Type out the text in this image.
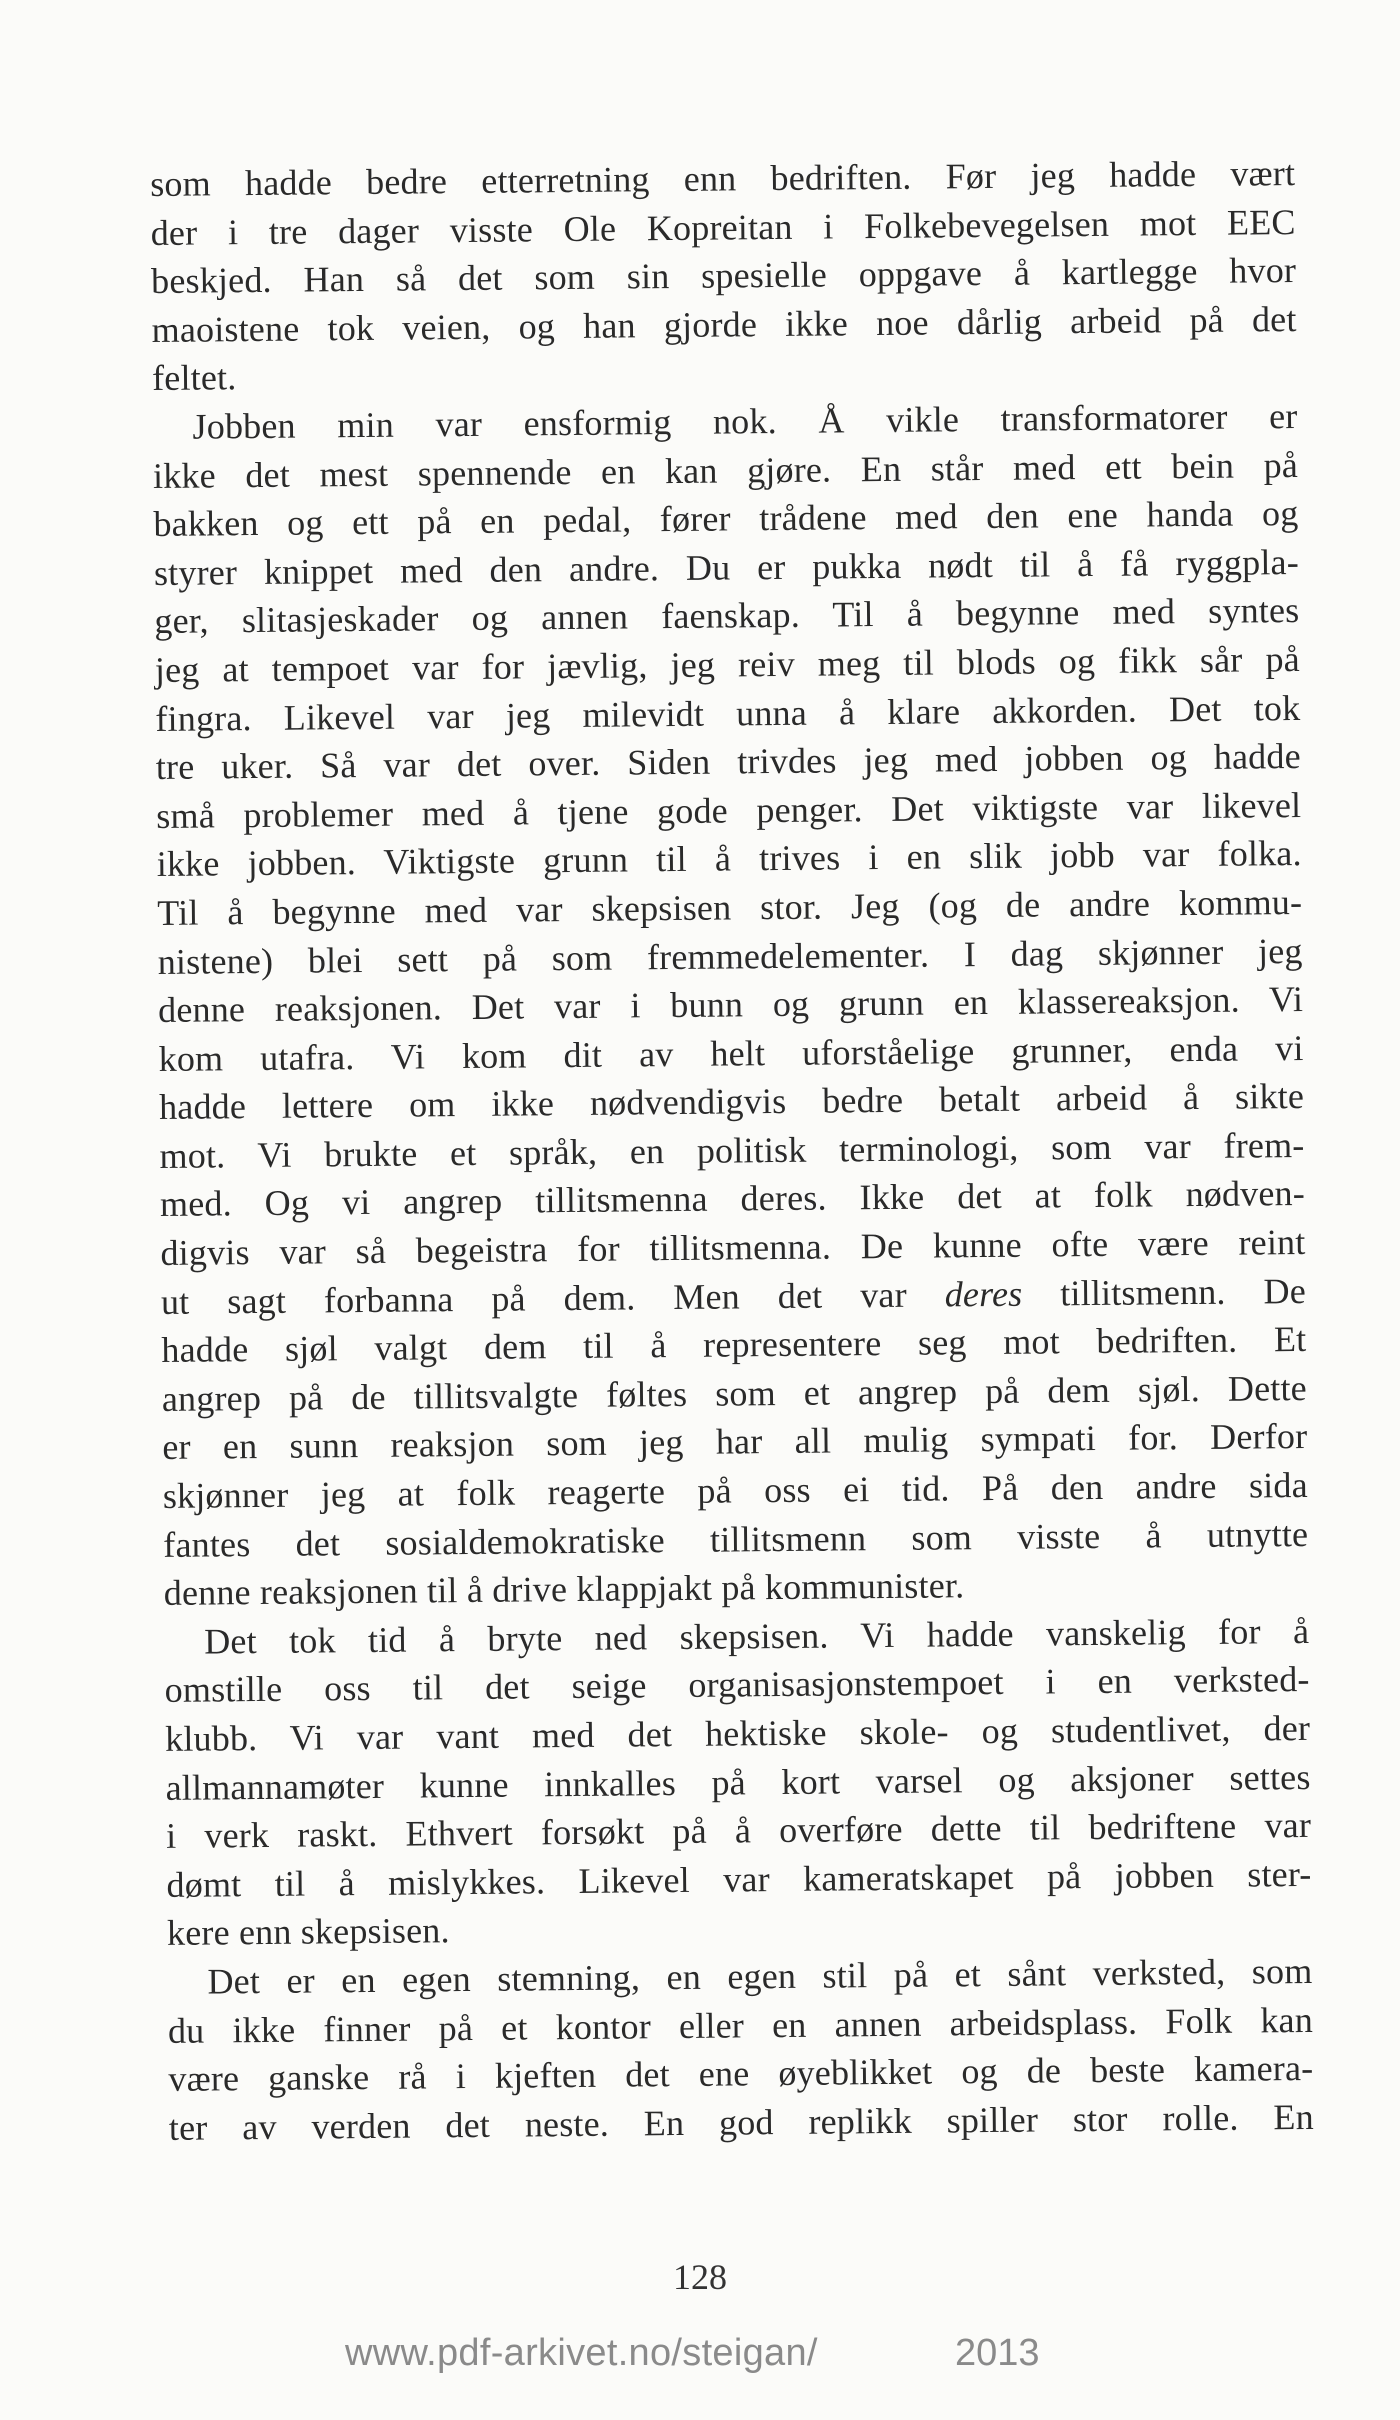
som hadde bedre etterretning enn bedriften. Før jeg hadde vært
der i tre dager visste Ole Kopreitan i Folkebevegelsen mot EEC
beskjed. Han så det som sin spesielle oppgave å kartlegge hvor
maoistene tok veien, og han gjorde ikke noe dårlig arbeid på det
feltet.
Jobben min var ensformig nok. Å vikle transformatorer er
ikke det mest spennende en kan gjøre. En står med ett bein på
bakken og ett på en pedal, fører trådene med den ene handa og
styrer knippet med den andre. Du er pukka nødt til å få ryggpla-
ger, slitasjeskader og annen faenskap. Til å begynne med syntes
jeg at tempoet var for jævlig, jeg reiv meg til blods og fikk sår på
fingra. Likevel var jeg milevidt unna å klare akkorden. Det tok
tre uker. Så var det over. Siden trivdes jeg med jobben og hadde
små problemer med å tjene gode penger. Det viktigste var likevel
ikke jobben. Viktigste grunn til å trives i en slik jobb var folka.
Til å begynne med var skepsisen stor. Jeg (og de andre kommu-
nistene) blei sett på som fremmedelementer. I dag skjønner jeg
denne reaksjonen. Det var i bunn og grunn en klassereaksjon. Vi
kom utafra. Vi kom dit av helt uforståelige grunner, enda vi
hadde lettere om ikke nødvendigvis bedre betalt arbeid å sikte
mot. Vi brukte et språk, en politisk terminologi, som var frem-
med. Og vi angrep tillitsmenna deres. Ikke det at folk nødven-
digvis var så begeistra for tillitsmenna. De kunne ofte være reint
ut sagt forbanna på dem. Men det var deres tillitsmenn. De
hadde sjøl valgt dem til å representere seg mot bedriften. Et
angrep på de tillitsvalgte føltes som et angrep på dem sjøl. Dette
er en sunn reaksjon som jeg har all mulig sympati for. Derfor
skjønner jeg at folk reagerte på oss ei tid. På den andre sida
fantes det sosialdemokratiske tillitsmenn som visste å utnytte
denne reaksjonen til å drive klappjakt på kommunister.
Det tok tid å bryte ned skepsisen. Vi hadde vanskelig for å
omstille oss til det seige organisasjonstempoet i en verksted-
klubb. Vi var vant med det hektiske skole- og studentlivet, der
allmannamøter kunne innkalles på kort varsel og aksjoner settes
i verk raskt. Ethvert forsøkt på å overføre dette til bedriftene var
dømt til å mislykkes. Likevel var kameratskapet på jobben ster-
kere enn skepsisen.
Det er en egen stemning, en egen stil på et sånt verksted, som
du ikke finner på et kontor eller en annen arbeidsplass. Folk kan
være ganske rå i kjeften det ene øyeblikket og de beste kamera-
ter av verden det neste. En god replikk spiller stor rolle. En
128
www.pdf-arkivet.no/steigan/	2013
